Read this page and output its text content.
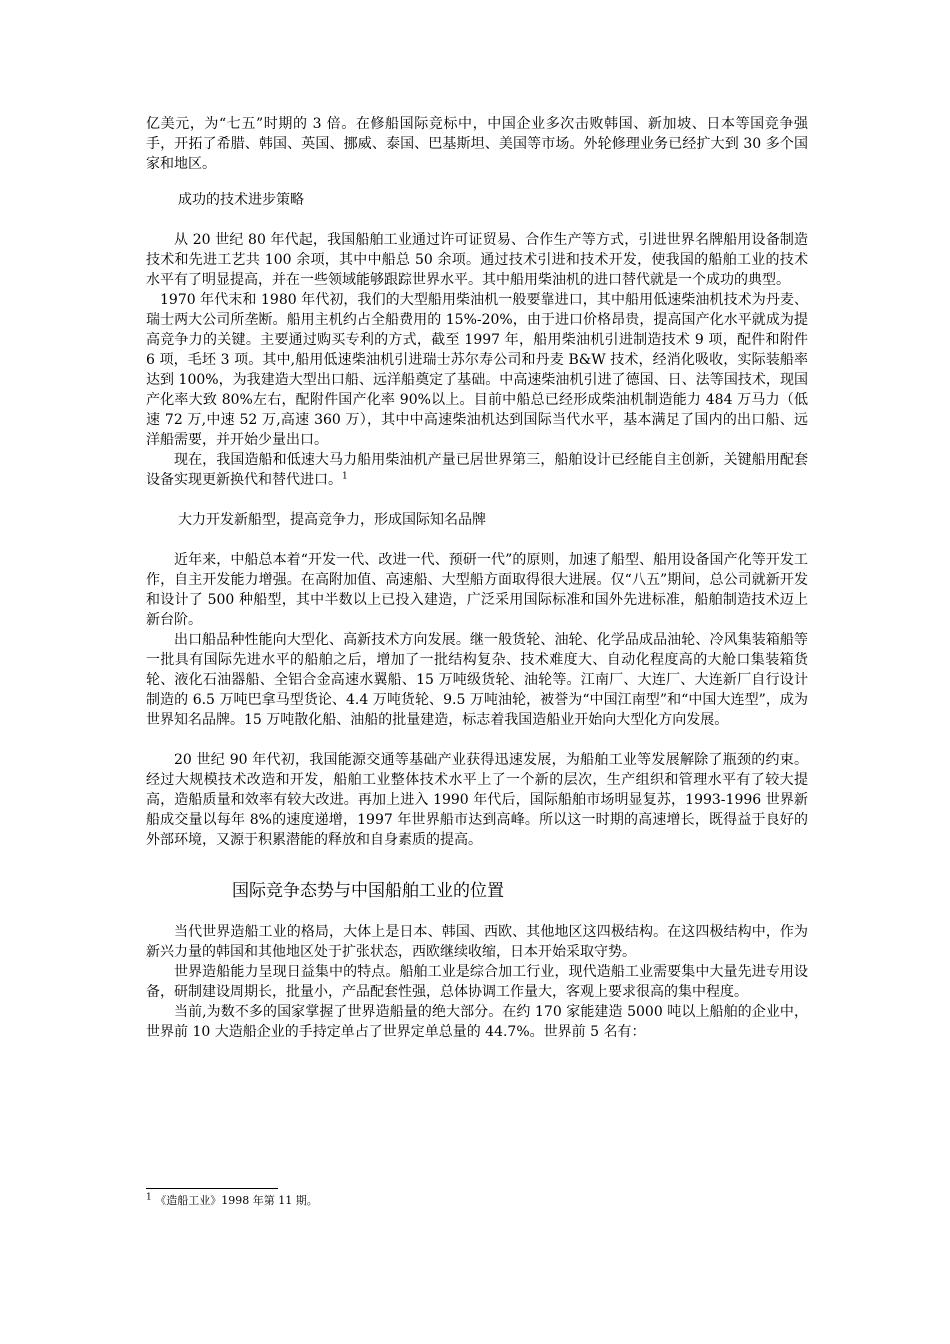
亿美元，为“七五”时期的 3 倍。在修船国际竞标中，中国企业多次击败韩国、新加坡、日本等国竞争强手，开拓了希腊、韩国、英国、挪威、泰国、巴基斯坦、美国等市场。外轮修理业务已经扩大到 30 多个国家和地区。

成功的技术进步策略

从 20 世纪 80 年代起，我国船舶工业通过许可证贸易、合作生产等方式，引进世界名牌船用设备制造技术和先进工艺共 100 余项，其中中船总 50 余项。通过技术引进和技术开发，使我国的船舶工业的技术水平有了明显提高，并在一些领域能够跟踪世界水平。其中船用柴油机的进口替代就是一个成功的典型。

1970 年代末和 1980 年代初，我们的大型船用柴油机一般要靠进口，其中船用低速柴油机技术为丹麦、瑞士两大公司所垄断。船用主机约占全船费用的 15%-20%，由于进口价格昂贵，提高国产化水平就成为提高竞争力的关键。主要通过购买专利的方式，截至 1997 年，船用柴油机引进制造技术 9 项，配件和附件 6 项，毛坯 3 项。其中,船用低速柴油机引进瑞士苏尔寿公司和丹麦 B&W 技术，经消化吸收，实际装船率达到 100%，为我建造大型出口船、远洋船奠定了基础。中高速柴油机引进了德国、日、法等国技术，现国产化率大致 80%左右，配附件国产化率 90%以上。目前中船总已经形成柴油机制造能力 484 万马力（低速 72 万,中速 52 万,高速 360 万），其中中高速柴油机达到国际当代水平，基本满足了国内的出口船、远洋船需要，并开始少量出口。

现在，我国造船和低速大马力船用柴油机产量已居世界第三，船舶设计已经能自主创新，关键船用配套设备实现更新换代和替代进口。$^1$

大力开发新船型，提高竞争力，形成国际知名品牌

近年来，中船总本着“开发一代、改进一代、预研一代”的原则，加速了船型、船用设备国产化等开发工作，自主开发能力增强。在高附加值、高速船、大型船方面取得很大进展。仅“八五”期间，总公司就新开发和设计了 500 种船型，其中半数以上已投入建造，广泛采用国际标准和国外先进标准，船舶制造技术迈上新台阶。

出口船品种性能向大型化、高新技术方向发展。继一般货轮、油轮、化学品成品油轮、冷风集装箱船等一批具有国际先进水平的船舶之后，增加了一批结构复杂、技术难度大、自动化程度高的大舱口集装箱货轮、液化石油器船、全铝合金高速水翼船、15 万吨级货轮、油轮等。江南厂、大连厂、大连新厂自行设计制造的 6.5 万吨巴拿马型货论、4.4 万吨货轮、9.5 万吨油轮，被誉为“中国江南型”和“中国大连型”，成为世界知名品牌。15 万吨散化船、油船的批量建造，标志着我国造船业开始向大型化方向发展。

20 世纪 90 年代初，我国能源交通等基础产业获得迅速发展，为船舶工业等发展解除了瓶颈的约束。经过大规模技术改造和开发，船舶工业整体技术水平上了一个新的层次，生产组织和管理水平有了较大提高，造船质量和效率有较大改进。再加上进入 1990 年代后，国际船舶市场明显复苏，1993-1996 世界新船成交量以每年 8%的速度递增，1997 年世界船市达到高峰。所以这一时期的高速增长，既得益于良好的外部环境，又源于积累潜能的释放和自身素质的提高。

国际竞争态势与中国船舶工业的位置

当代世界造船工业的格局，大体上是日本、韩国、西欧、其他地区这四极结构。在这四极结构中，作为新兴力量的韩国和其他地区处于扩张状态，西欧继续收缩，日本开始采取守势。

世界造船能力呈现日益集中的特点。船舶工业是综合加工行业，现代造船工业需要集中大量先进专用设备，研制建设周期长，批量小，产品配套性强，总体协调工作量大，客观上要求很高的集中程度。

当前,为数不多的国家掌握了世界造船量的绝大部分。在约 170 家能建造 5000 吨以上船舶的企业中，世界前 10 大造船企业的手持定单占了世界定单总量的 44.7%。世界前 5 名有：

$^1$ 《造船工业》1998 年第 11 期。
